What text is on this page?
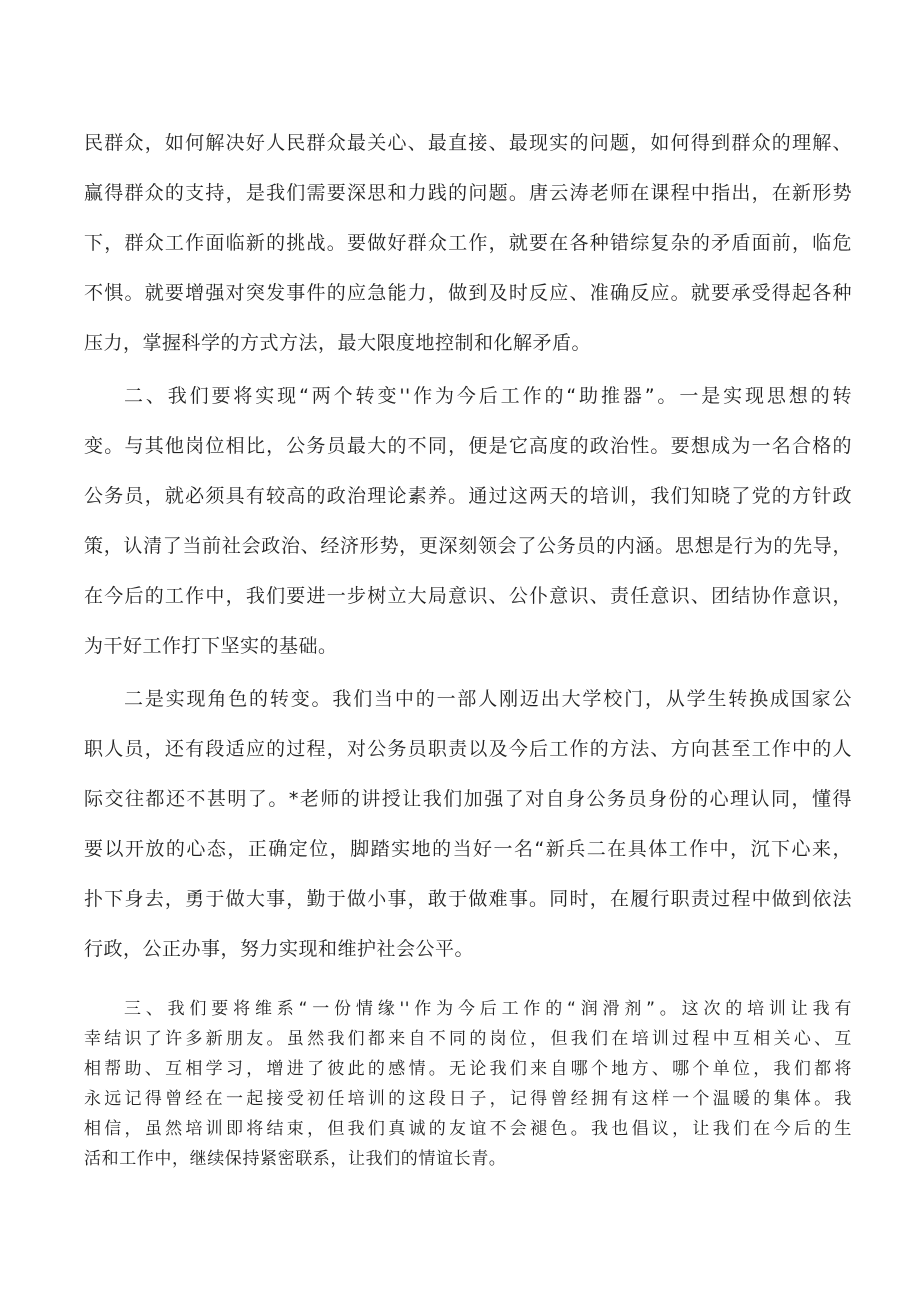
民群众，如何解决好人民群众最关心、最直接、最现实的问题，如何得到群众的理解、
赢得群众的支持，是我们需要深思和力践的问题。唐云涛老师在课程中指出，在新形势
下，群众工作面临新的挑战。要做好群众工作，就要在各种错综复杂的矛盾面前，临危
不惧。就要增强对突发事件的应急能力，做到及时反应、准确反应。就要承受得起各种
压力，掌握科学的方式方法，最大限度地控制和化解矛盾。
二、我们要将实现“两个转变''作为今后工作的“助推器”。一是实现思想的转
变。与其他岗位相比，公务员最大的不同，便是它高度的政治性。要想成为一名合格的
公务员，就必须具有较高的政治理论素养。通过这两天的培训，我们知晓了党的方针政
策，认清了当前社会政治、经济形势，更深刻领会了公务员的内涵。思想是行为的先导，
在今后的工作中，我们要进一步树立大局意识、公仆意识、责任意识、团结协作意识，
为干好工作打下坚实的基础。
二是实现角色的转变。我们当中的一部人刚迈出大学校门，从学生转换成国家公
职人员，还有段适应的过程，对公务员职责以及今后工作的方法、方向甚至工作中的人
际交往都还不甚明了。*老师的讲授让我们加强了对自身公务员身份的心理认同，懂得
要以开放的心态，正确定位，脚踏实地的当好一名“新兵二在具体工作中，沉下心来，
扑下身去，勇于做大事，勤于做小事，敢于做难事。同时，在履行职责过程中做到依法
行政，公正办事，努力实现和维护社会公平。
三、我们要将维系“一份情缘''作为今后工作的“润滑剂”。这次的培训让我有
幸结识了许多新朋友。虽然我们都来自不同的岗位，但我们在培训过程中互相关心、互
相帮助、互相学习，增进了彼此的感情。无论我们来自哪个地方、哪个单位，我们都将
永远记得曾经在一起接受初任培训的这段日子，记得曾经拥有这样一个温暖的集体。我
相信，虽然培训即将结束，但我们真诚的友谊不会褪色。我也倡议，让我们在今后的生
活和工作中，继续保持紧密联系，让我们的情谊长青。
